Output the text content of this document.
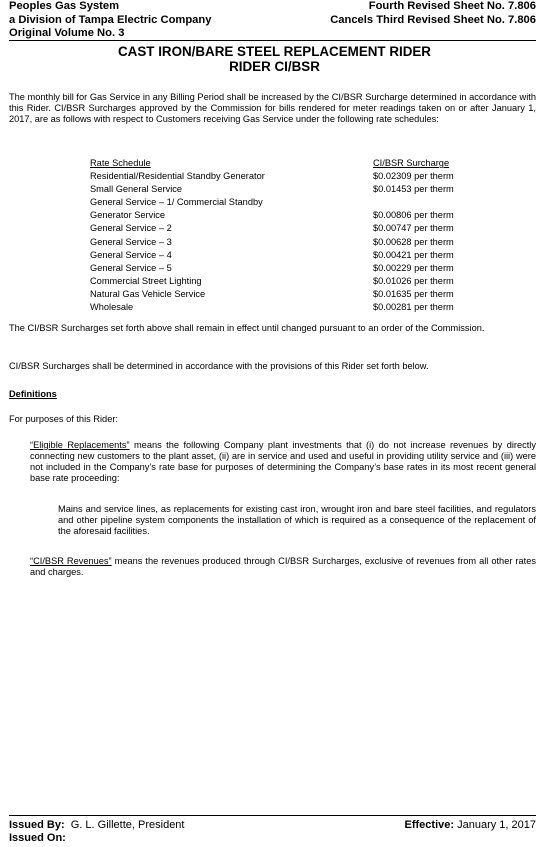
Peoples Gas System
a Division of Tampa Electric Company
Original Volume No. 3
Fourth Revised Sheet No. 7.806
Cancels Third Revised Sheet No. 7.806
CAST IRON/BARE STEEL REPLACEMENT RIDER
RIDER CI/BSR
The monthly bill for Gas Service in any Billing Period shall be increased by the CI/BSR Surcharge determined in accordance with this Rider. CI/BSR Surcharges approved by the Commission for bills rendered for meter readings taken on or after January 1, 2017, are as follows with respect to Customers receiving Gas Service under the following rate schedules:
Rate Schedule	CI/BSR Surcharge
Residential/Residential Standby Generator	$0.02309 per therm
Small General Service	$0.01453 per therm
General Service – 1/ Commercial Standby
Generator Service	$0.00806 per therm
General Service – 2	$0.00747 per therm
General Service – 3	$0.00628 per therm
General Service – 4	$0.00421 per therm
General Service – 5	$0.00229 per therm
Commercial Street Lighting	$0.01026 per therm
Natural Gas Vehicle Service	$0.01635 per therm
Wholesale	$0.00281 per therm
The CI/BSR Surcharges set forth above shall remain in effect until changed pursuant to an order of the Commission.
CI/BSR Surcharges shall be determined in accordance with the provisions of this Rider set forth below.
Definitions
For purposes of this Rider:
“Eligible Replacements” means the following Company plant investments that (i) do not increase revenues by directly connecting new customers to the plant asset, (ii) are in service and used and useful in providing utility service and (iii) were not included in the Company’s rate base for purposes of determining the Company’s base rates in its most recent general base rate proceeding:
Mains and service lines, as replacements for existing cast iron, wrought iron and bare steel facilities, and regulators and other pipeline system components the installation of which is required as a consequence of the replacement of the aforesaid facilities.
“CI/BSR Revenues” means the revenues produced through CI/BSR Surcharges, exclusive of revenues from all other rates and charges.
Issued By: G. L. Gillette, President
Issued On:
Effective: January 1, 2017
